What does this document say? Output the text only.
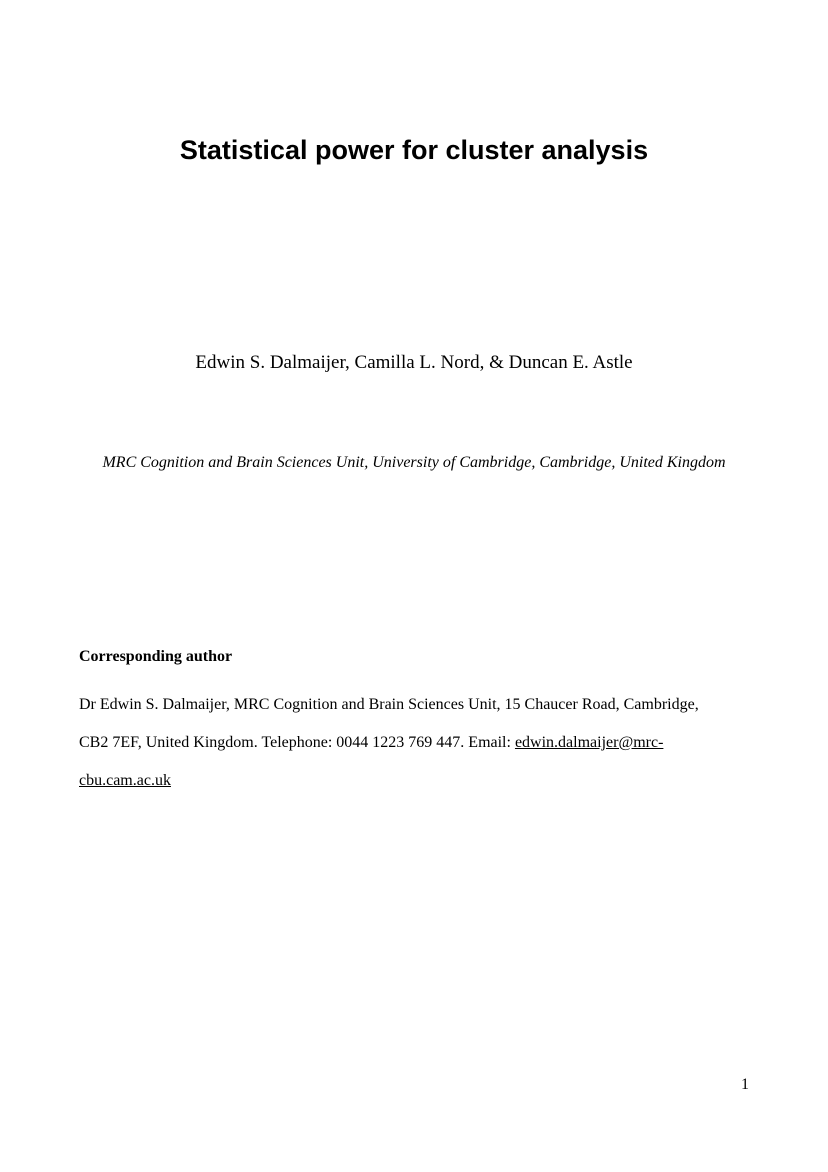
Statistical power for cluster analysis

Edwin S. Dalmaijer, Camilla L. Nord, & Duncan E. Astle

MRC Cognition and Brain Sciences Unit, University of Cambridge, Cambridge, United Kingdom

Corresponding author

Dr Edwin S. Dalmaijer, MRC Cognition and Brain Sciences Unit, 15 Chaucer Road, Cambridge,

CB2 7EF, United Kingdom. Telephone: 0044 1223 769 447. Email: edwin.dalmaijer@mrc-

cbu.cam.ac.uk

1
